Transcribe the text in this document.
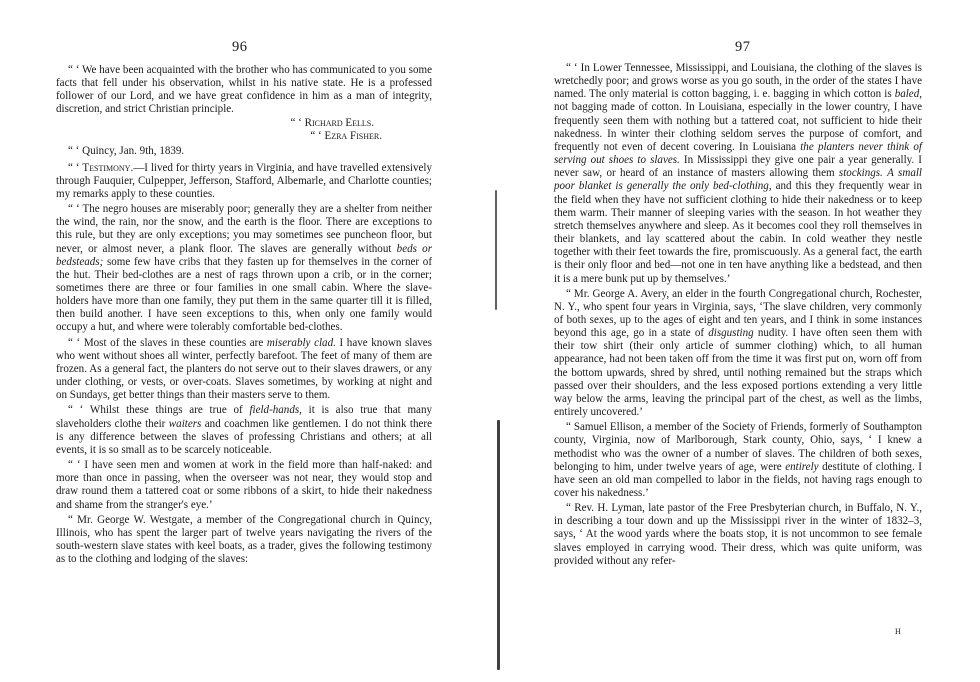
96

“ ‘ We have been acquainted with the brother who has communicated to you some facts that fell under his observation, whilst in his native state. He is a professed follower of our Lord, and we have great confidence in him as a man of integrity, discretion, and strict Christian principle.

“ ‘ Richard Eells.
“ ‘ Ezra Fisher.
“ ‘ Quincy, Jan. 9th, 1839.

“ ‘ Testimony.—I lived for thirty years in Virginia, and have travelled extensively through Fauquier, Culpepper, Jefferson, Stafford, Albemarle, and Charlotte counties; my remarks apply to these counties.

“ ‘ The negro houses are miserably poor; generally they are a shelter from neither the wind, the rain, nor the snow, and the earth is the floor. There are exceptions to this rule, but they are only exceptions; you may sometimes see puncheon floor, but never, or almost never, a plank floor. The slaves are generally without beds or bedsteads; some few have cribs that they fasten up for themselves in the corner of the hut. Their bed-clothes are a nest of rags thrown upon a crib, or in the corner; sometimes there are three or four families in one small cabin. Where the slave-holders have more than one family, they put them in the same quarter till it is filled, then build another. I have seen exceptions to this, when only one family would occupy a hut, and where were tolerably comfortable bed-clothes.

“ ‘ Most of the slaves in these counties are miserably clad. I have known slaves who went without shoes all winter, perfectly barefoot. The feet of many of them are frozen. As a general fact, the planters do not serve out to their slaves drawers, or any under clothing, or vests, or over-coats. Slaves sometimes, by working at night and on Sundays, get better things than their masters serve to them.

“ ‘ Whilst these things are true of field-hands, it is also true that many slaveholders clothe their waiters and coachmen like gentlemen. I do not think there is any difference between the slaves of professing Christians and others; at all events, it is so small as to be scarcely noticeable.

“ ‘ I have seen men and women at work in the field more than half-naked: and more than once in passing, when the overseer was not near, they would stop and draw round them a tattered coat or some ribbons of a skirt, to hide their nakedness and shame from the stranger's eye.’

“ Mr. George W. Westgate, a member of the Congregational church in Quincy, Illinois, who has spent the larger part of twelve years navigating the rivers of the south-western slave states with keel boats, as a trader, gives the following testimony as to the clothing and lodging of the slaves:

97

“ ‘ In Lower Tennessee, Mississippi, and Louisiana, the clothing of the slaves is wretchedly poor; and grows worse as you go south, in the order of the states I have named. The only material is cotton bagging, i. e. bagging in which cotton is baled, not bagging made of cotton. In Louisiana, especially in the lower country, I have frequently seen them with nothing but a tattered coat, not sufficient to hide their nakedness. In winter their clothing seldom serves the purpose of comfort, and frequently not even of decent covering. In Louisiana the planters never think of serving out shoes to slaves. In Mississippi they give one pair a year generally. I never saw, or heard of an instance of masters allowing them stockings. A small poor blanket is generally the only bed-clothing, and this they frequently wear in the field when they have not sufficient clothing to hide their nakedness or to keep them warm. Their manner of sleeping varies with the season. In hot weather they stretch themselves anywhere and sleep. As it becomes cool they roll themselves in their blankets, and lay scattered about the cabin. In cold weather they nestle together with their feet towards the fire, promiscuously. As a general fact, the earth is their only floor and bed—not one in ten have anything like a bedstead, and then it is a mere bunk put up by themselves.’

“ Mr. George A. Avery, an elder in the fourth Congregational church, Rochester, N. Y., who spent four years in Virginia, says, ‘The slave children, very commonly of both sexes, up to the ages of eight and ten years, and I think in some instances beyond this age, go in a state of disgusting nudity. I have often seen them with their tow shirt (their only article of summer clothing) which, to all human appearance, had not been taken off from the time it was first put on, worn off from the bottom upwards, shred by shred, until nothing remained but the straps which passed over their shoulders, and the less exposed portions extending a very little way below the arms, leaving the principal part of the chest, as well as the limbs, entirely uncovered.’

“ Samuel Ellison, a member of the Society of Friends, formerly of Southampton county, Virginia, now of Marlborough, Stark county, Ohio, says, ‘ I knew a methodist who was the owner of a number of slaves. The children of both sexes, belonging to him, under twelve years of age, were entirely destitute of clothing. I have seen an old man compelled to labor in the fields, not having rags enough to cover his nakedness.’

“ Rev. H. Lyman, late pastor of the Free Presbyterian church, in Buffalo, N. Y., in describing a tour down and up the Mississippi river in the winter of 1832–3, says, ‘ At the wood yards where the boats stop, it is not uncommon to see female slaves employed in carrying wood. Their dress, which was quite uniform, was provided without any refer-

H
